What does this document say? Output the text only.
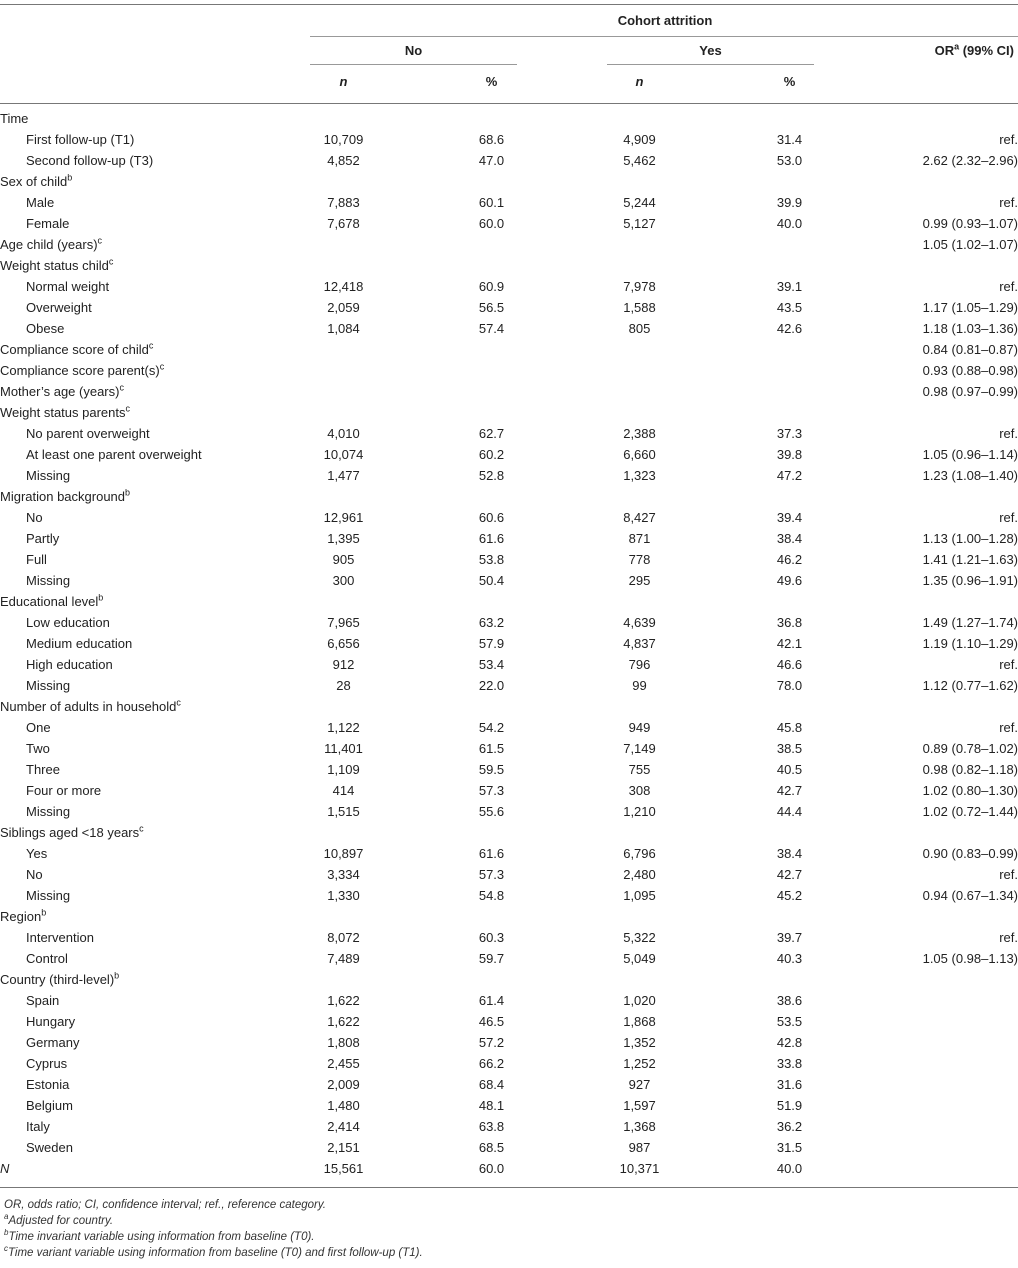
Cohort attrition
No	Yes	$OR^a$ (99% CI)
n	%	n	%
Time								
First follow-up (T1)	10,709		68.6		4,909		31.4	ref.
Second follow-up (T3)	4,852		47.0		5,462		53.0	2.62 (2.32–2.96)
Sex of child$^b$								
Male	7,883		60.1		5,244		39.9	ref.
Female	7,678		60.0		5,127		40.0	0.99 (0.93–1.07)
Age child (years)$^c$								1.05 (1.02–1.07)
Weight status child$^c$								
Normal weight	12,418		60.9		7,978		39.1	ref.
Overweight	2,059		56.5		1,588		43.5	1.17 (1.05–1.29)
Obese	1,084		57.4		805		42.6	1.18 (1.03–1.36)
Compliance score of child$^c$								0.84 (0.81–0.87)
Compliance score $parent(s)^c$								0.93 (0.88–0.98)
Mother’s age (years)$^c$								0.98 (0.97–0.99)
Weight status parents$^c$								
No parent overweight	4,010		62.7		2,388		37.3	ref.
At least one parent overweight	10,074		60.2		6,660		39.8	1.05 (0.96–1.14)
Missing	1,477		52.8		1,323		47.2	1.23 (1.08–1.40)
Migration background$^b$								
No	12,961		60.6		8,427		39.4	ref.
Partly	1,395		61.6		871		38.4	1.13 (1.00–1.28)
Full	905		53.8		778		46.2	1.41 (1.21–1.63)
Missing	300		50.4		295		49.6	1.35 (0.96–1.91)
Educational level$^b$								
Low education	7,965		63.2		4,639		36.8	1.49 (1.27–1.74)
Medium education	6,656		57.9		4,837		42.1	1.19 (1.10–1.29)
High education	912		53.4		796		46.6	ref.
Missing	28		22.0		99		78.0	1.12 (0.77–1.62)
Number of adults in household$^c$								
One	1,122		54.2		949		45.8	ref.
Two	11,401		61.5		7,149		38.5	0.89 (0.78–1.02)
Three	1,109		59.5		755		40.5	0.98 (0.82–1.18)
Four or more	414		57.3		308		42.7	1.02 (0.80–1.30)
Missing	1,515		55.6		1,210		44.4	1.02 (0.72–1.44)
Siblings aged <18 years$^c$								
Yes	10,897		61.6		6,796		38.4	0.90 (0.83–0.99)
No	3,334		57.3		2,480		42.7	ref.
Missing	1,330		54.8		1,095		45.2	0.94 (0.67–1.34)
Region$^b$								
Intervention	8,072		60.3		5,322		39.7	ref.
Control	7,489		59.7		5,049		40.3	1.05 (0.98–1.13)
Country (third-level)$^b$								
Spain	1,622		61.4		1,020		38.6	
Hungary	1,622		46.5		1,868		53.5	
Germany	1,808		57.2		1,352		42.8	
Cyprus	2,455		66.2		1,252		33.8	
Estonia	2,009		68.4		927		31.6	
Belgium	1,480		48.1		1,597		51.9	
Italy	2,414		63.8		1,368		36.2	
Sweden	2,151		68.5		987		31.5	
N	15,561		60.0		10,371		40.0	
OR, odds ratio; CI, confidence interval; ref., reference category.
$^a$Adjusted for country.
$^b$Time invariant variable using information from baseline (T0).
$^c$Time variant variable using information from baseline (T0) and first follow-up (T1).
